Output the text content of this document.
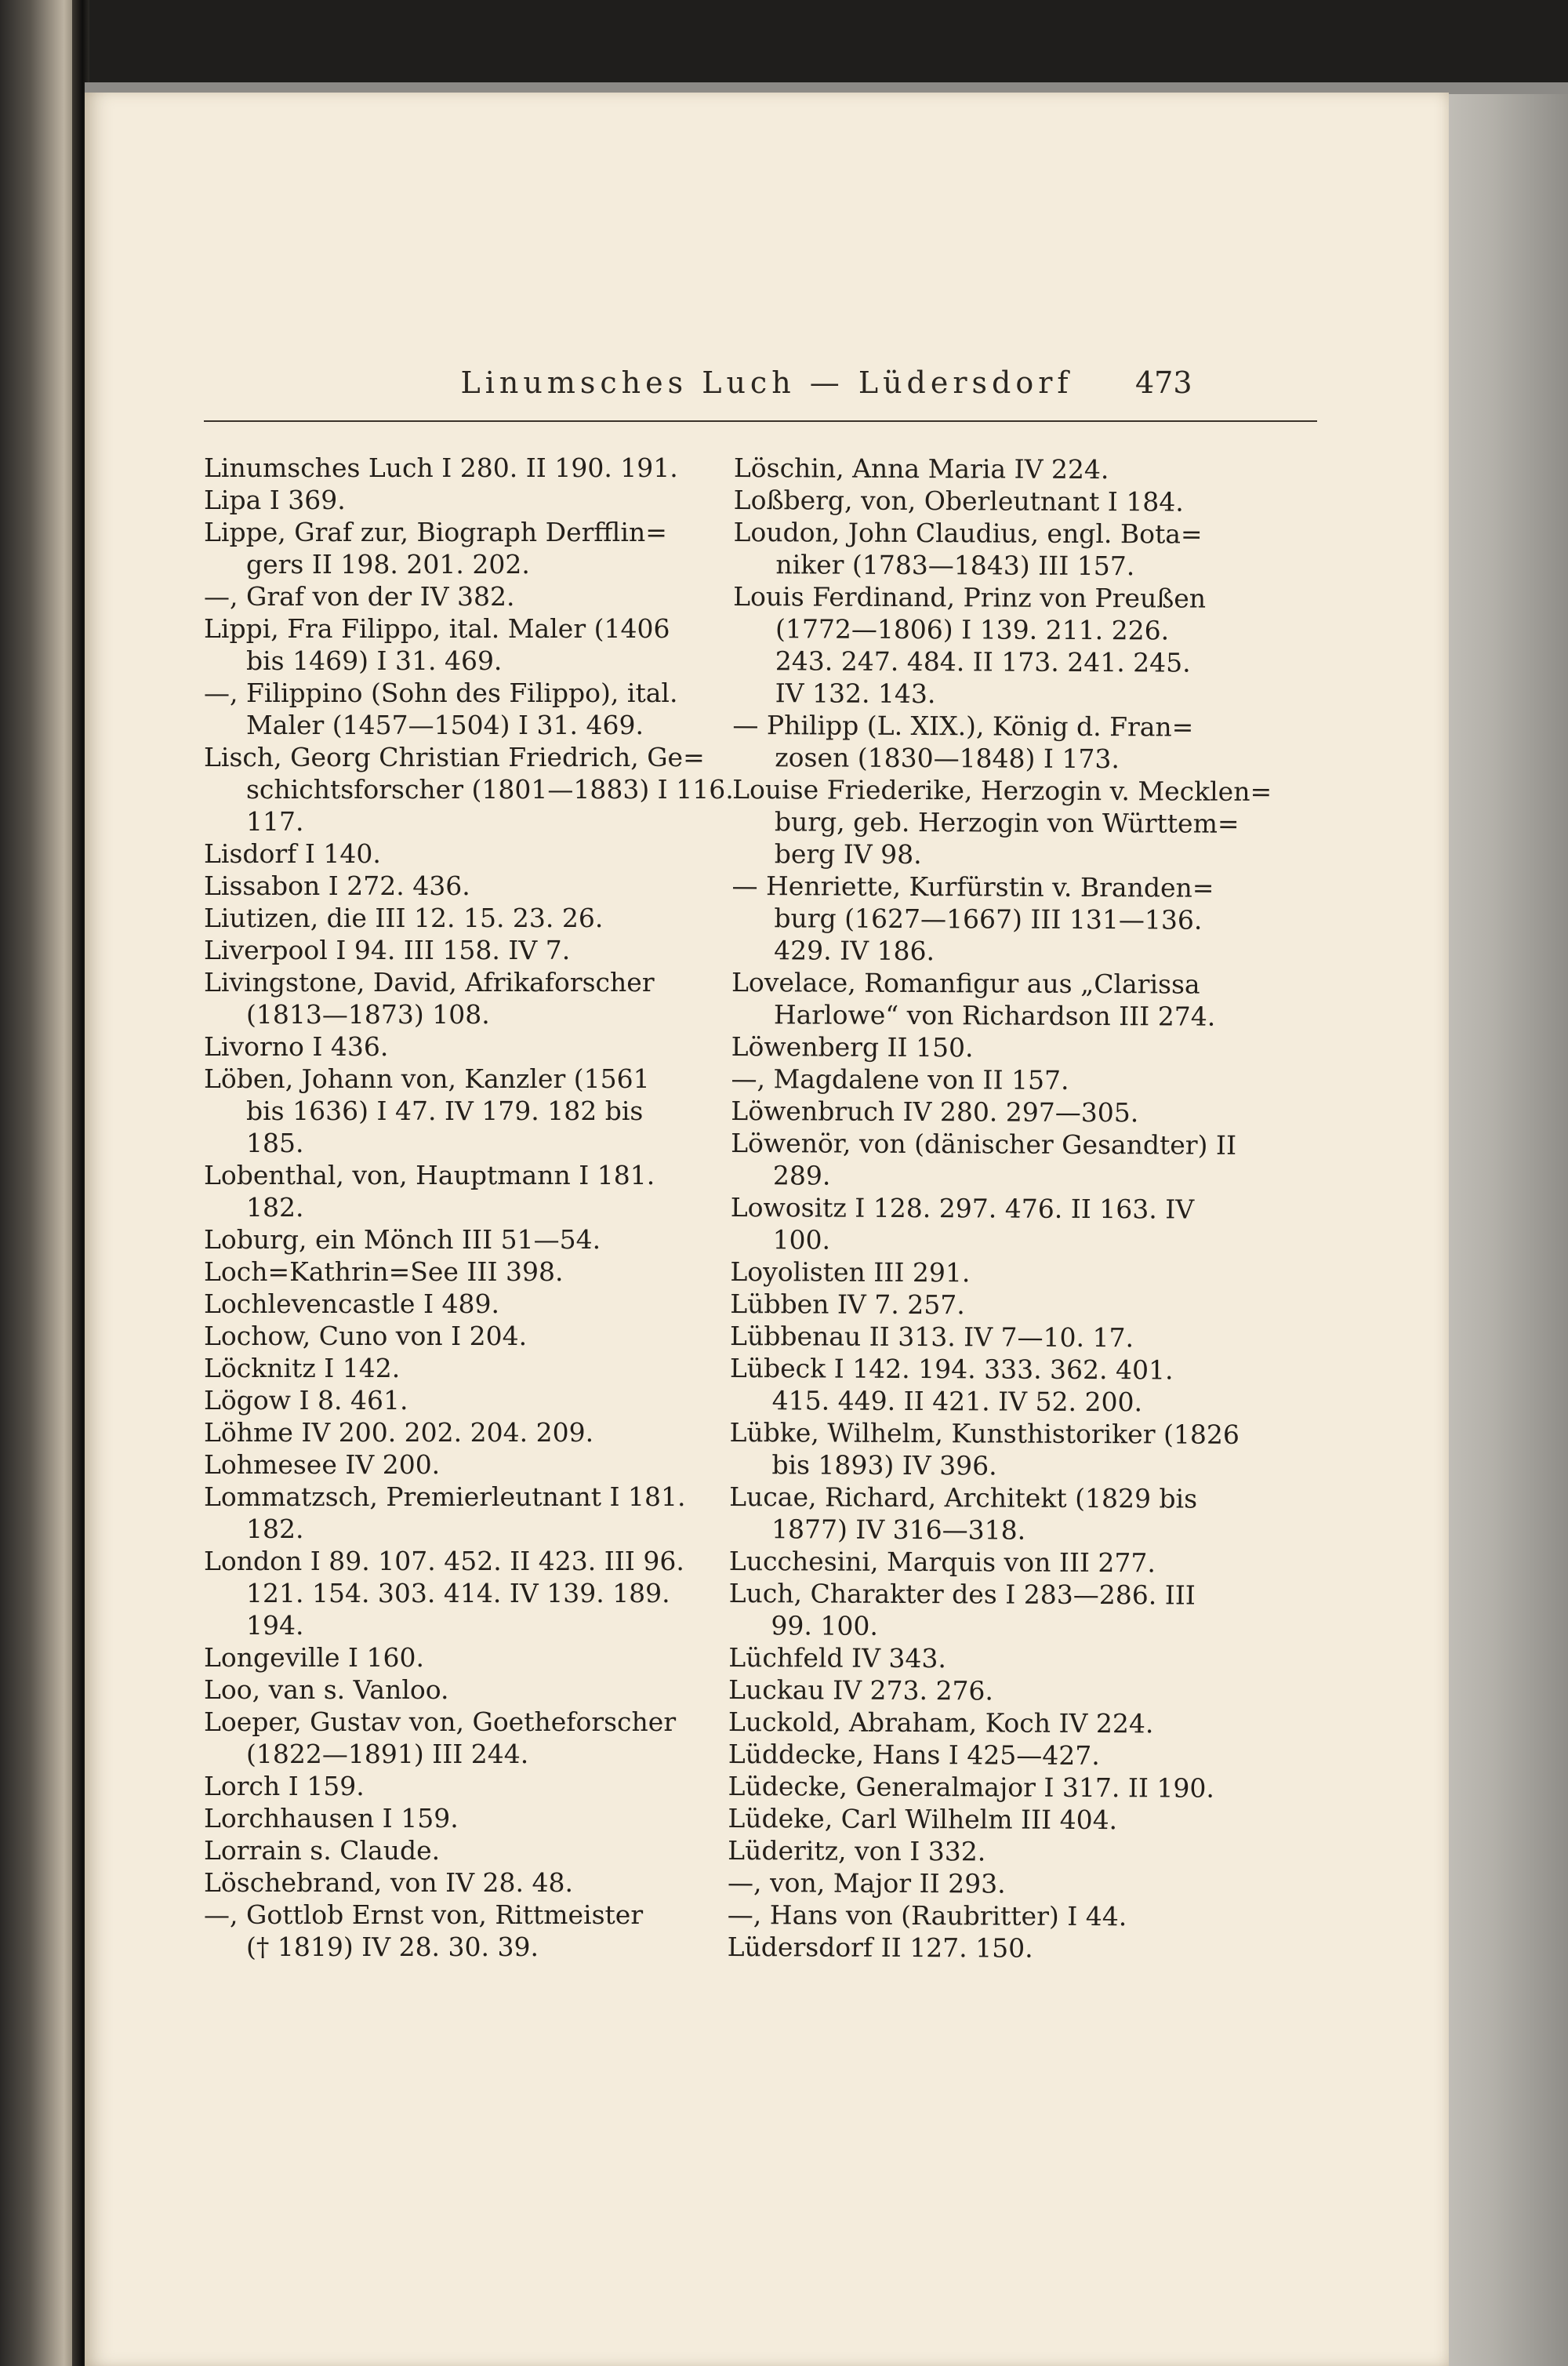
Linumsches Luch — Lüdersdorf	473

Linumsches Luch I 280. II 190. 191.

Lipa I 369.

Lippe, Graf zur, Biograph Derfflin=
gers II 198. 201. 202.

—, Graf von der IV 382.

Lippi, Fra Filippo, ital. Maler (1406
bis 1469) I 31. 469.

—, Filippino (Sohn des Filippo), ital.
Maler (1457—1504) I 31. 469.

Lisch, Georg Christian Friedrich, Ge=
schichtsforscher (1801—1883) I 116.
117.

Lisdorf I 140.

Lissabon I 272. 436.

Liutizen, die III 12. 15. 23. 26.

Liverpool I 94. III 158. IV 7.

Livingstone, David, Afrikaforscher
(1813—1873) 108.

Livorno I 436.

Löben, Johann von, Kanzler (1561
bis 1636) I 47. IV 179. 182 bis
185.

Lobenthal, von, Hauptmann I 181.
182.

Loburg, ein Mönch III 51—54.

Loch=Kathrin=See III 398.

Lochlevencastle I 489.

Lochow, Cuno von I 204.

Löcknitz I 142.

Lögow I 8. 461.

Löhme IV 200. 202. 204. 209.

Lohmesee IV 200.

Lommatzsch, Premierleutnant I 181.
182.

London I 89. 107. 452. II 423. III 96.
121. 154. 303. 414. IV 139. 189.
194.

Longeville I 160.

Loo, van s. Vanloo.

Loeper, Gustav von, Goetheforscher
(1822—1891) III 244.

Lorch I 159.

Lorchhausen I 159.

Lorrain s. Claude.

Löschebrand, von IV 28. 48.

—, Gottlob Ernst von, Rittmeister
(† 1819) IV 28. 30. 39.

Löschin, Anna Maria IV 224.

Loßberg, von, Oberleutnant I 184.

Loudon, John Claudius, engl. Bota=
niker (1783—1843) III 157.

Louis Ferdinand, Prinz von Preußen
(1772—1806) I 139. 211. 226.
243. 247. 484. II 173. 241. 245.
IV 132. 143.

— Philipp (L. XIX.), König d. Fran=
zosen (1830—1848) I 173.

Louise Friederike, Herzogin v. Mecklen=
burg, geb. Herzogin von Württem=
berg IV 98.

— Henriette, Kurfürstin v. Branden=
burg (1627—1667) III 131—136.
429. IV 186.

Lovelace, Romanfigur aus „Clarissa
Harlowe“ von Richardson III 274.

Löwenberg II 150.

—, Magdalene von II 157.

Löwenbruch IV 280. 297—305.

Löwenör, von (dänischer Gesandter) II
289.

Lowositz I 128. 297. 476. II 163. IV
100.

Loyolisten III 291.

Lübben IV 7. 257.

Lübbenau II 313. IV 7—10. 17.

Lübeck I 142. 194. 333. 362. 401.
415. 449. II 421. IV 52. 200.

Lübke, Wilhelm, Kunsthistoriker (1826
bis 1893) IV 396.

Lucae, Richard, Architekt (1829 bis
1877) IV 316—318.

Lucchesini, Marquis von III 277.

Luch, Charakter des I 283—286. III
99. 100.

Lüchfeld IV 343.

Luckau IV 273. 276.

Luckold, Abraham, Koch IV 224.

Lüddecke, Hans I 425—427.

Lüdecke, Generalmajor I 317. II 190.

Lüdeke, Carl Wilhelm III 404.

Lüderitz, von I 332.

—, von, Major II 293.

—, Hans von (Raubritter) I 44.

Lüdersdorf II 127. 150.
